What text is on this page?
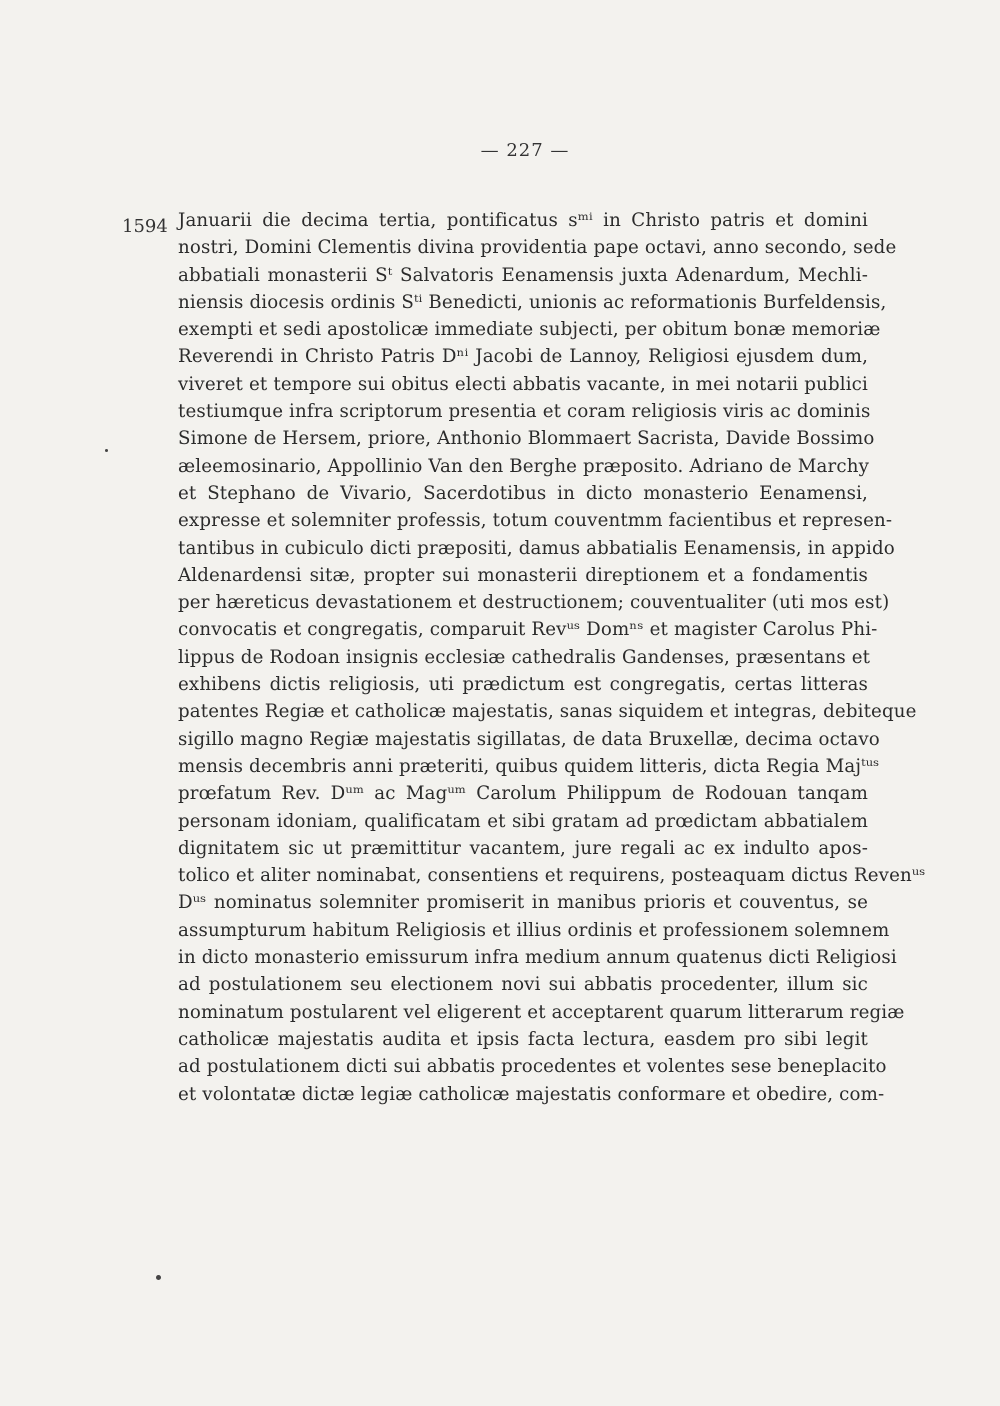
— 227 —
1594 Januarii die decima tertia, pontificatus sᵐⁱ in Christo patris et domini
nostri, Domini Clementis divina providentia pape octavi, anno secondo, sede
abbatiali monasterii Sᵗ Salvatoris Eenamensis juxta Adenardum, Mechli-
niensis diocesis ordinis Sᵗⁱ Benedicti, unionis ac reformationis Burfeldensis,
exempti et sedi apostolicæ immediate subjecti, per obitum bonæ memoriæ
Reverendi in Christo Patris Dⁿⁱ Jacobi de Lannoy, Religiosi ejusdem dum,
viveret et tempore sui obitus electi abbatis vacante, in mei notarii publici
testiumque infra scriptorum presentia et coram religiosis viris ac dominis
Simone de Hersem, priore, Anthonio Blommaert Sacrista, Davide Bossimo
æleemosinario, Appollinio Van den Berghe præposito. Adriano de Marchy
et Stephano de Vivario, Sacerdotibus in dicto monasterio Eenamensi,
expresse et solemniter professis, totum couventmm facientibus et represen-
tantibus in cubiculo dicti præpositi, damus abbatialis Eenamensis, in appido
Aldenardensi sitæ, propter sui monasterii direptionem et a fondamentis
per hæreticus devastationem et destructionem; couventualiter (uti mos est)
convocatis et congregatis, comparuit Revᵘˢ Domⁿˢ et magister Carolus Phi-
lippus de Rodoan insignis ecclesiæ cathedralis Gandenses, præsentans et
exhibens dictis religiosis, uti prædictum est congregatis, certas litteras
patentes Regiæ et catholicæ majestatis, sanas siquidem et integras, debiteque
sigillo magno Regiæ majestatis sigillatas, de data Bruxellæ, decima octavo
mensis decembris anni præteriti, quibus quidem litteris, dicta Regia Majᵗᵘˢ
prœfatum Rev. Dᵘᵐ ac Magᵘᵐ Carolum Philippum de Rodouan tanqam
personam idoniam, qualificatam et sibi gratam ad prœdictam abbatialem
dignitatem sic ut præmittitur vacantem, jure regali ac ex indulto apos-
tolico et aliter nominabat, consentiens et requirens, posteaquam dictus Revenᵘˢ
Dᵘˢ nominatus solemniter promiserit in manibus prioris et couventus, se
assumpturum habitum Religiosis et illius ordinis et professionem solemnem
in dicto monasterio emissurum infra medium annum quatenus dicti Religiosi
ad postulationem seu electionem novi sui abbatis procedenter, illum sic
nominatum postularent vel eligerent et acceptarent quarum litterarum regiæ
catholicæ majestatis audita et ipsis facta lectura, easdem pro sibi legit
ad postulationem dicti sui abbatis procedentes et volentes sese beneplacito
et volontatæ dictæ legiæ catholicæ majestatis conformare et obedire, com-
